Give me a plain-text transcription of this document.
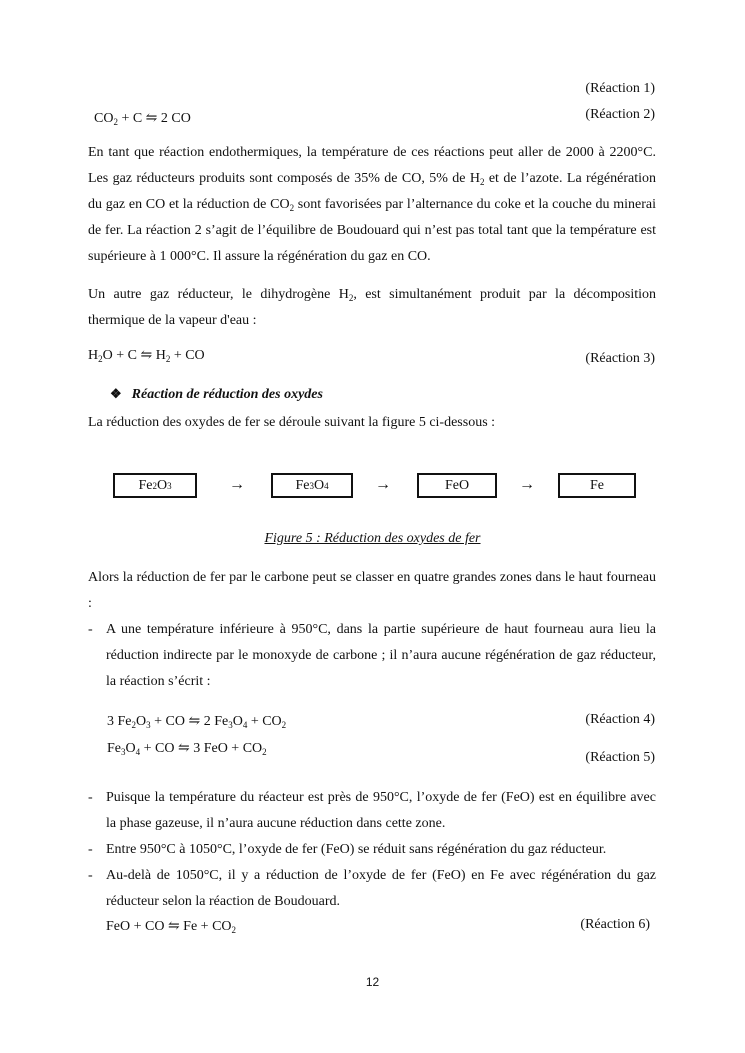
(Réaction 1)
$CO_2 + C$ ⇋ 2 CO	(Réaction 2)
En tant que réaction endothermiques, la température de ces réactions peut aller de 2000 à 2200°C. Les gaz réducteurs produits sont composés de 35% de CO, 5% de $H_2$ et de l’azote. La régénération du gaz en CO et la réduction de $CO_2$ sont favorisées par l’alternance du coke et la couche du minerai de fer. La réaction 2 s’agit de l’équilibre de Boudouard qui n’est pas total tant que la température est supérieure à 1 000°C. Il assure la régénération du gaz en CO.
Un autre gaz réducteur, le dihydrogène $H_2$, est simultanément produit par la décomposition thermique de la vapeur d'eau :
$H_2O + C$ ⇋ $H_2$ + CO	(Réaction 3)
❖ Réaction de réduction des oxydes
La réduction des oxydes de fer se déroule suivant la figure 5 ci-dessous :
Fe 2 O 3	→	Fe 3 O 4	→	FeO	→	Fe
Figure 5 : Réduction des oxydes de fer
Alors la réduction de fer par le carbone peut se classer en quatre grandes zones dans le haut fourneau :
- A une température inférieure à 950°C, dans la partie supérieure de haut fourneau aura lieu la réduction indirecte par le monoxyde de carbone ; il n’aura aucune régénération de gaz réducteur, la réaction s’écrit :
3 $Fe_2O_3$ + CO ⇋ 2 $Fe_3O_4 + CO_2$	(Réaction 4)
$Fe_3O_4$ + CO ⇋ 3 FeO + $CO_2$	(Réaction 5)
- Puisque la température du réacteur est près de 950°C, l’oxyde de fer (FeO) est en équilibre avec la phase gazeuse, il n’aura aucune réduction dans cette zone.
- Entre 950°C à 1050°C, l’oxyde de fer (FeO) se réduit sans régénération du gaz réducteur.
- Au-delà de 1050°C, il y a réduction de l’oxyde de fer (FeO) en Fe avec régénération du gaz réducteur selon la réaction de Boudouard.
FeO + CO ⇋ $Fe + CO_2$	(Réaction 6)
12
